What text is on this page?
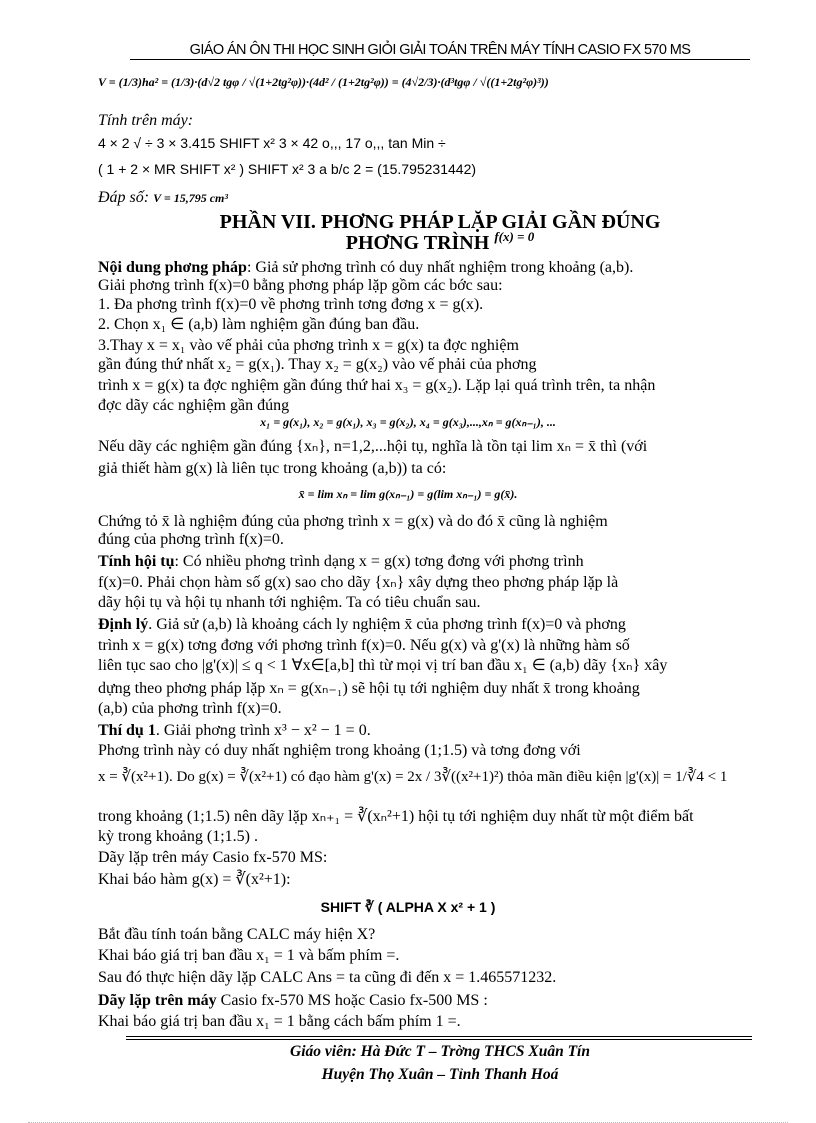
GIÁO ÁN ÔN THI HỌC SINH GIỎI GIẢI TOÁN TRÊN MÁY TÍNH CASIO FX 570 MS
V = (1/3)ha² = (1/3)·(d√2 tgφ / √(1+2tg²φ))·(4d² / (1+2tg²φ)) = (4√2/3)·(d³tgφ / √((1+2tg²φ)³))
Tính trên máy:
4 × 2 √ ÷ 3 × 3.415 SHIFT x² 3 × 42 o,,, 17 o,,, tan Min ÷
( 1 + 2 × MR SHIFT x² ) SHIFT x² 3 a b/c 2 = (15.795231442)
Đáp số: V = 15,795 cm³
PHẦN VII. PHƠNG PHÁP LẶP GIẢI GẦN ĐÚNG
PHƠNG TRÌNH $^{f(x) = 0}$
Nội dung phơng pháp: Giả sử phơng trình có duy nhất nghiệm trong khoảng (a,b).
Giải phơng trình f(x)=0 bằng phơng pháp lặp gồm các bớc sau:
1. Đa phơng trình f(x)=0 về phơng trình tơng đơng x = g(x).
2. Chọn x₁ ∈ (a,b) làm nghiệm gần đúng ban đầu.
3.Thay x = x₁ vào vế phải của phơng trình x = g(x) ta đợc nghiệm
gần đúng thứ nhất x₂ = g(x₁). Thay x₂ = g(x₂) vào vế phải của phơng
trình x = g(x) ta đợc nghiệm gần đúng thứ hai x₃ = g(x₂). Lặp lại quá trình trên, ta nhận
đợc dãy các nghiệm gần đúng
x₁ = g(x₁), x₂ = g(x₁), x₃ = g(x₂), x₄ = g(x₃),...,xₙ = g(xₙ₋₁), ...
Nếu dãy các nghiệm gần đúng {xₙ}, n=1,2,...hội tụ, nghĩa là tồn tại lim xₙ = x̄ thì (với
giả thiết hàm g(x) là liên tục trong khoảng (a,b)) ta có:
x̄ = lim xₙ = lim g(xₙ₋₁) = g(lim xₙ₋₁) = g(x̄).
Chứng tỏ x̄ là nghiệm đúng của phơng trình x = g(x) và do đó x̄ cũng là nghiệm
đúng của phơng trình f(x)=0.
Tính hội tụ: Có nhiều phơng trình dạng x = g(x) tơng đơng với phơng trình
f(x)=0. Phải chọn hàm số g(x) sao cho dãy {xₙ} xây dựng theo phơng pháp lặp là
dãy hội tụ và hội tụ nhanh tới nghiệm. Ta có tiêu chuẩn sau.
Định lý. Giả sử (a,b) là khoảng cách ly nghiệm x̄ của phơng trình f(x)=0 và phơng
trình x = g(x) tơng đơng với phơng trình f(x)=0. Nếu g(x) và g'(x) là những hàm số
liên tục sao cho |g'(x)| ≤ q < 1 ∀x∈[a,b] thì từ mọi vị trí ban đầu x₁ ∈ (a,b) dãy {xₙ} xây
dựng theo phơng pháp lặp xₙ = g(xₙ₋₁) sẽ hội tụ tới nghiệm duy nhất x̄ trong khoảng
(a,b) của phơng trình f(x)=0.
Thí dụ 1. Giải phơng trình x³ − x² − 1 = 0.
Phơng trình này có duy nhất nghiệm trong khoảng (1;1.5) và tơng đơng với
x = ∛(x²+1). Do g(x) = ∛(x²+1) có đạo hàm g'(x) = 2x / 3∛((x²+1)²) thỏa mãn điều kiện |g'(x)| = 1/∛4 < 1
trong khoảng (1;1.5) nên dãy lặp xₙ₊₁ = ∛(xₙ²+1) hội tụ tới nghiệm duy nhất từ một điểm bất
kỳ trong khoảng (1;1.5) .
Dãy lặp trên máy Casio fx-570 MS:
Khai báo hàm g(x) = ∛(x²+1):
SHIFT ∛ ( ALPHA X x² + 1 )
Bắt đầu tính toán bằng CALC máy hiện X?
Khai báo giá trị ban đầu x₁ = 1 và bấm phím =.
Sau đó thực hiện dãy lặp CALC Ans = ta cũng đi đến x = 1.465571232.
Dãy lặp trên máy Casio fx-570 MS hoặc Casio fx-500 MS :
Khai báo giá trị ban đầu x₁ = 1 bằng cách bấm phím 1 =.
Giáo viên: Hà Đức T – Trờng THCS Xuân Tín
Huyện Thọ Xuân – Tỉnh Thanh Hoá
